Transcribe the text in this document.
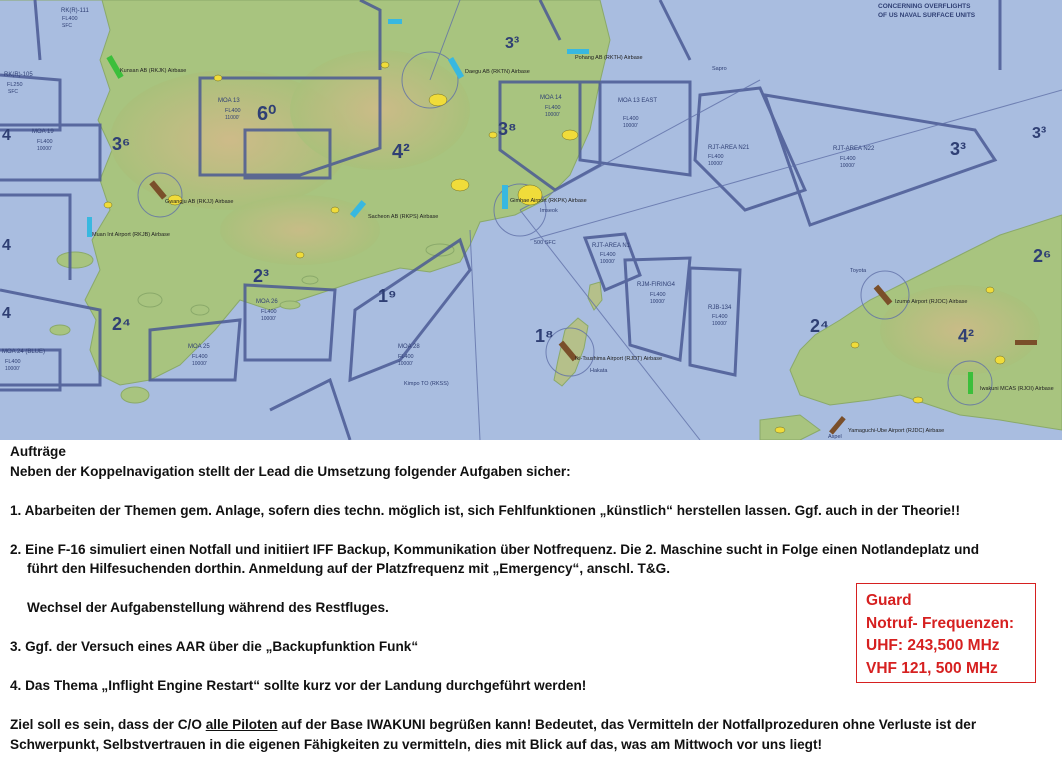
MOA 13	MOA 13 EAST
RK(R)-105
RK(R)-111
MOA 19
MOA 26
MOA 25	MOA 28
MOA 24 (BLUE)
RJT-AREA N21	RJT-AREA N22
RJT-AREA N1
RJM-FIRING4
RJB-134
MOA 14
FL400
FL400
FL400	FL400
FL400
FL400
FL400
FL250
FL400
FL400
FL400
FL400	FL400
FL400
FL400
11000'
10000'
10000'	10000'
10000'
10000'
10000'
SFC
SFC
10000'
10000'
10000'	10000'
10000'
10000'
3³
6⁰
4²
3⁸
3⁶
2³
1⁹
2⁴
1⁸	2⁴	4²
2⁶
3³
4
4
4
3³
Kunsan AB (RKJK) Airbase	Daegu AB (RKTN) Airbase
Pohang AB (RKTH) Airbase
Gwangju AB (RKJJ) Airbase
Sacheon AB (RKPS) Airbase
Gimhae Airport (RKPK) Airbase
Muan Int Airport (RKJB) Airbase
Iki-Tsushima Airport (RJDT) Airbase
Iwakuni MCAS (RJOI) Airbase
Yamaguchi-Ube Airport (RJDC) Airbase
Izumo Airport (RJOC) Airbase
CONCERNING OVERFLIGHTS
OF US NAVAL SURFACE UNITS
500 SFC
Sapro
Imseok
Kimpo TO (RKSS)
Toyota
Aspel
Hakata

Aufträge

Neben der Koppelnavigation stellt der Lead die Umsetzung folgender Aufgaben sicher:

1. Abarbeiten der Themen gem. Anlage, sofern dies techn. möglich ist, sich Fehlfunktionen „künstlich“ herstellen lassen. Ggf. auch in der Theorie!!

2. Eine F-16 simuliert einen Notfall und initiiert IFF Backup, Kommunikation über Notfrequenz. Die 2. Maschine sucht in Folge einen Notlandeplatz und

führt den Hilfesuchenden dorthin. Anmeldung auf der Platzfrequenz mit „Emergency“, anschl. T&G.

Wechsel der Aufgabenstellung während des Restfluges.

3. Ggf. der Versuch eines AAR über die „Backupfunktion Funk“

4. Das Thema „Inflight Engine Restart“ sollte kurz vor der Landung durchgeführt werden!

Ziel soll es sein, dass der C/O alle Piloten auf der Base IWAKUNI begrüßen kann! Bedeutet, das Vermitteln der Notfallprozeduren ohne Verluste ist der

Schwerpunkt, Selbstvertrauen in die eigenen Fähigkeiten zu vermitteln, dies mit Blick auf das, was am Mittwoch vor uns liegt!

Guard
Notruf- Frequenzen:
UHF: 243,500 MHz
VHF 121, 500 MHz
